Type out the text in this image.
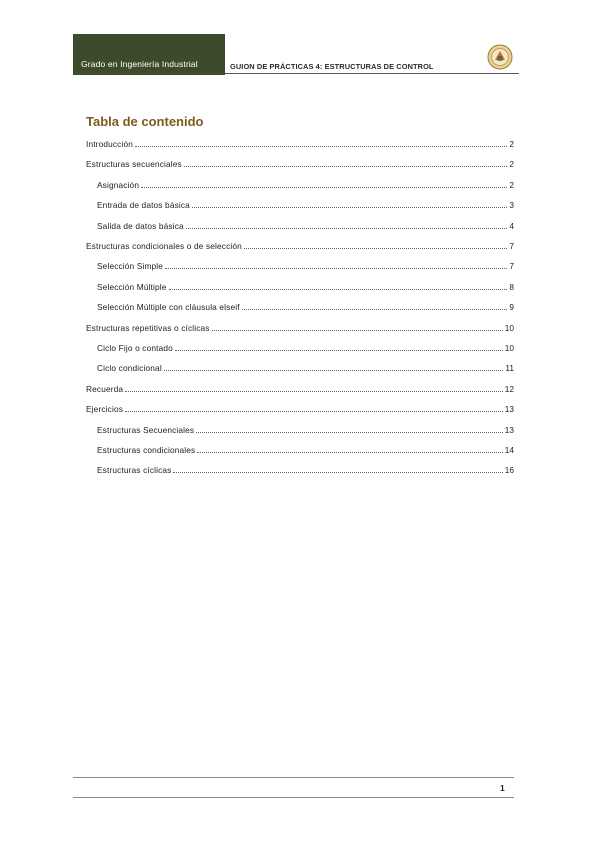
Grado en Ingeniería Industrial	GUION DE PRÁCTICAS 4: ESTRUCTURAS DE CONTROL
Tabla de contenido
Introducción	2
Estructuras secuenciales	2
Asignación	2
Entrada de datos básica	3
Salida de datos básica	4
Estructuras condicionales o de selección	7
Selección Simple	7
Selección Múltiple	8
Selección Múltiple con cláusula elseif	9
Estructuras repetitivas o cíclicas	10
Ciclo Fijo o contado	10
Ciclo condicional	11
Recuerda	12
Ejercicios	13
Estructuras Secuenciales	13
Estructuras condicionales	14
Estructuras cíclicas	16
1
